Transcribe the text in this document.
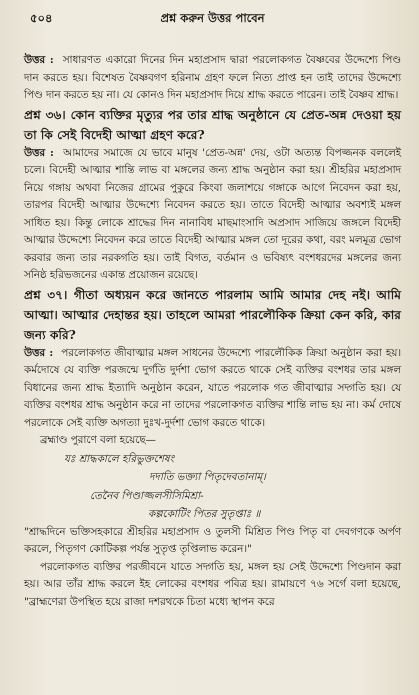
৫০৪	প্রশ্ন করুন উত্তর পাবেন

উত্তর : সাধারণত একারো দিনের দিন মহাপ্রসাদ দ্বারা পরলোকগত বৈষ্ণবের উদ্দেশ্যে পিণ্ড দান করতে হয়। বিশেষত বৈষ্ণবগণ হরিনাম গ্রহণ ফলে নিত্য প্রাপ্ত হন তাই তাদের উদ্দেশ্যে পিণ্ড দান করতে হয় না। যে কোনও দিন মহাপ্রসাদ দিয়ে শ্রাদ্ধ করতে পারেন। তাই বৈষ্ণব শ্রাদ্ধ।

প্রশ্ন ৩৬। কোন ব্যক্তির মৃত্যুর পর তার শ্রাদ্ধ অনুষ্ঠানে যে প্রেত-অন্ন দেওয়া হয় তা কি সেই বিদেহী আত্মা গ্রহণ করে?

উত্তর : আমাদের সমাজে যে ভাবে মানুষ 'প্রেত-অন্ন' দেয়, ওটা অত্যন্ত বিপজ্জনক বললেই চলে। বিদেহী আত্মার শান্তি লাভ বা মঙ্গলের জন্য শ্রাদ্ধ অনুষ্ঠান করা হয়। শ্রীহরির মহাপ্রসাদ নিয়ে গঙ্গায় অথবা নিজের গ্রামের পুকুরে কিংবা জলাশয়ে গঙ্গাকে আগে নিবেদন করা হয়, তারপর বিদেহী আত্মার উদ্দেশ্যে নিবেদন করতে হয়। তাতে বিদেহী আত্মার অবশ্যই মঙ্গল সাধিত হয়। কিন্তু লোকে শ্রাদ্ধের দিন নানাবিধ মাছমাংসাদি অপ্রসাদ সাজিয়ে জঙ্গলে বিদেহী আত্মার উদ্দেশ্যে নিবেদন করে তাতে বিদেহী আত্মার মঙ্গল তো দূরের কথা, বরং মলমূত্র ভোগ করবার জন্য তার নরকগতি হয়। তাই বিগত, বর্তমান ও ভবিষ্যৎ বংশধরদের মঙ্গলের জন্য সনিষ্ঠ হরিভজনের একান্ত প্রয়োজন রয়েছে।

প্রশ্ন ৩৭। গীতা অধ্যয়ন করে জানতে পারলাম আমি আমার দেহ নই। আমি আত্মা। আত্মার দেহান্তর হয়। তাহলে আমরা পারলৌকিক ক্রিয়া কেন করি, কার জন্য করি?

উত্তর : পরলোকগত জীবাত্মার মঙ্গল সাধনের উদ্দেশ্যে পারলৌকিক ক্রিয়া অনুষ্ঠান করা হয়। কর্মদোষে যে ব্যক্তি পরজন্মে দুর্গতি দুর্দশা ভোগ করতে থাকে সেই ব্যক্তির বংশধর তার মঙ্গল বিধানের জন্য শ্রাদ্ধ ইত্যাদি অনুষ্ঠান করেন, যাতে পরলোক গত জীবাত্মার সদ্গতি হয়। যে ব্যক্তির বংশধর শ্রাদ্ধ অনুষ্ঠান করে না তাদের পরলোকগত ব্যক্তির শান্তি লাভ হয় না। কর্ম দোষে পরলোকে সেই ব্যক্তি অগত্যা দুঃখ-দুর্দশা ভোগ করতে থাকে।

ব্রহ্মাণ্ড পুরাণে বলা হয়েছে—

যঃ শ্রাদ্ধকালে হরিভুক্তশেষং

দদাতি ভক্ত্যা পিতৃদেবতানাম্।

তেনৈব পিণ্ডাজ্জলসীসিমিশ্রা-

কল্পকোটিং পিতর সুতৃপ্তাঃ ॥

"শ্রাদ্ধদিনে ভক্তিসহকারে শ্রীহরির মহাপ্রসাদ ও তুলসী মিশ্রিত পিণ্ড পিতৃ বা দেবগণকে অর্পণ করলে, পিতৃগণ কোটিকল্প পর্যন্ত সুতৃপ্ত তৃপ্তিলাভ করেন।"

পরলোকগত ব্যক্তির পরজীবনে যাতে সদ্গতি হয়, মঙ্গল হয় সেই উদ্দেশ্যে পিণ্ডদান করা হয়। আর তাঁর শ্রাদ্ধ করলে ইহ লোকের বংশধর পবিত্র হয়। রামায়ণে ৭৬ সর্গে বলা হয়েছে, "ব্রাহ্মণেরা উপস্থিত হয়ে রাজা দশরথকে চিতা মধ্যে স্থাপন করে
